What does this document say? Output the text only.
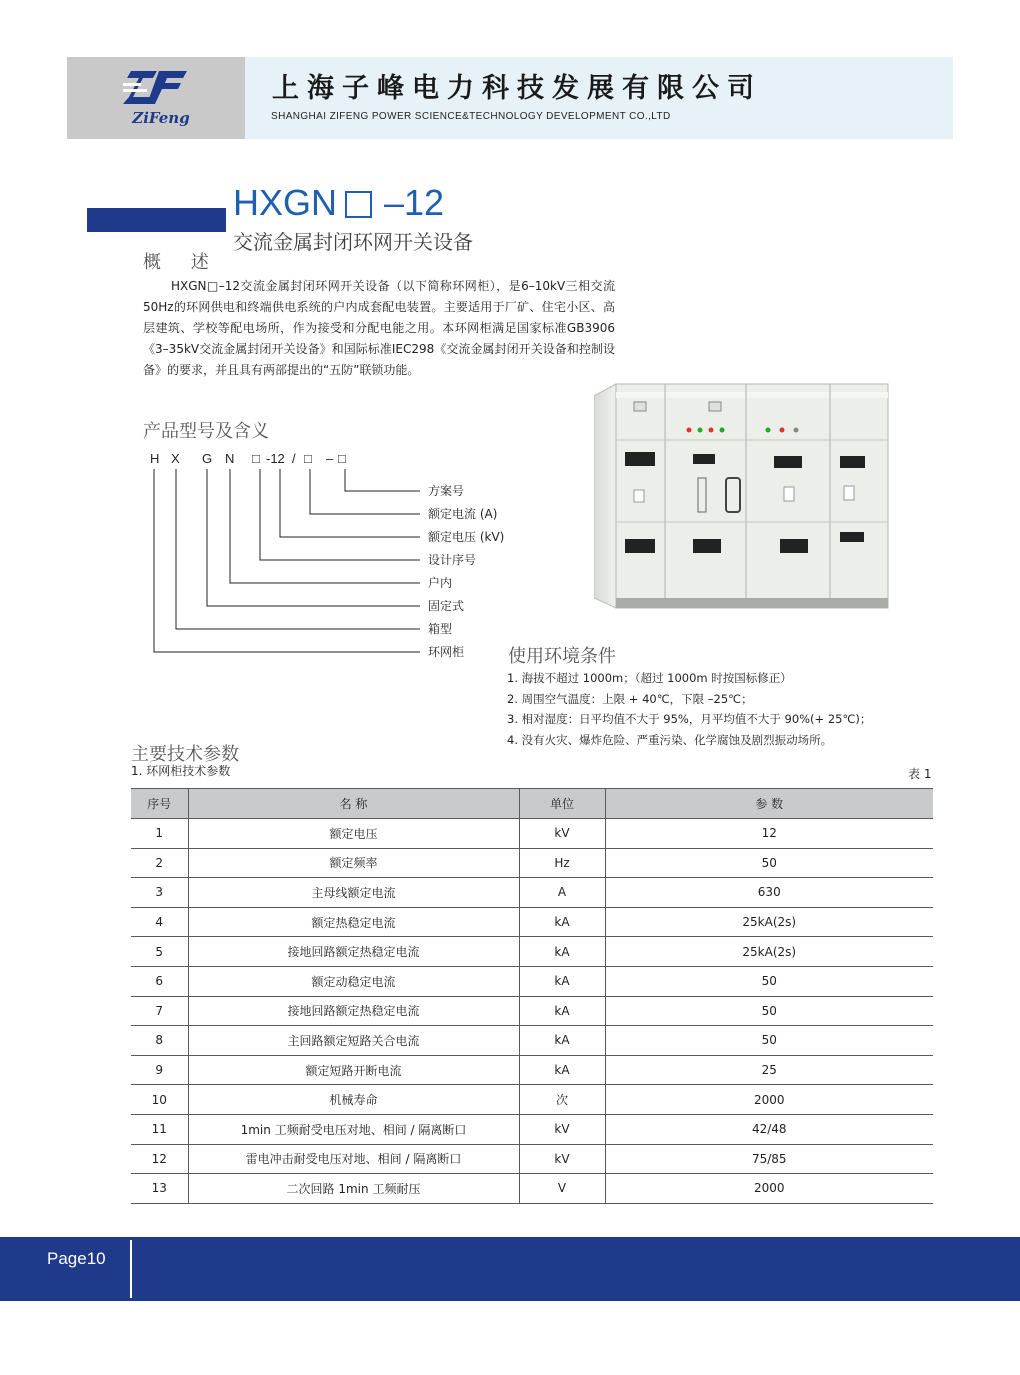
ZiFeng
上海子峰电力科技发展有限公司
SHANGHAI ZIFENG POWER SCIENCE&TECHNOLOGY DEVELOPMENT CO.,LTD
HXGN –12
交流金属封闭环网开关设备
概 述

HXGN□–12交流金属封闭环网开关设备（以下简称环网柜），是6–10kV三相交流50Hz的环网供电和终端供电系统的户内成套配电装置。主要适用于厂矿、住宅小区、高层建筑、学校等配电场所，作为接受和分配电能之用。本环网柜满足国家标准GB3906《3–35kV交流金属封闭开关设备》和国际标准IEC298《交流金属封闭开关设备和控制设备》的要求，并且具有两部提出的“五防”联锁功能。

产品型号及含义
H X G N □ -12 / □ – □
方案号
额定电流 (A)
额定电压 (kV)
设计序号
户内
固定式
箱型
环网柜 使用环境条件
1. 海拔不超过 1000m；（超过 1000m 时按国标修正）
2. 周围空气温度：上限 + 40℃，下限 –25℃；
3. 相对湿度：日平均值不大于 95%，月平均值不大于 90%(+ 25℃)；
4. 没有火灾、爆炸危险、严重污染、化学腐蚀及剧烈振动场所。
主要技术参数
1. 环网柜技术参数	表 1
序号	名 称	单位	参 数
1	额定电压	kV	12
2	额定频率	Hz	50
3	主母线额定电流	A	630
4	额定热稳定电流	kA	25kA(2s)
5	接地回路额定热稳定电流	kA	25kA(2s)
6	额定动稳定电流	kA	50
7	接地回路额定热稳定电流	kA	50
8	主回路额定短路关合电流	kA	50
9	额定短路开断电流	kA	25
10	机械寿命	次	2000
11	1min 工频耐受电压对地、相间 / 隔离断口	kV	42/48
12	雷电冲击耐受电压对地、相间 / 隔离断口	kV	75/85
13	二次回路 1min 工频耐压	V	2000
Page10
